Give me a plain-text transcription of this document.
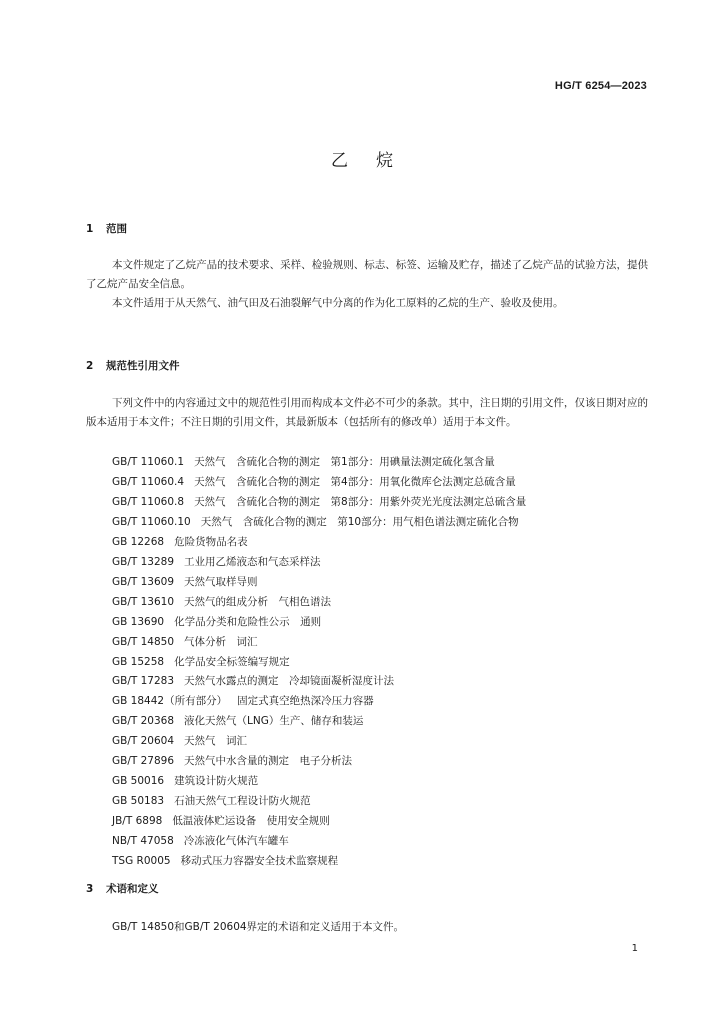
HG/T 6254—2023
乙烷
1 范围
本文件规定了乙烷产品的技术要求、采样、检验规则、标志、标签、运输及贮存，描述了乙烷产品的试验方法，提供了乙烷产品安全信息。
本文件适用于从天然气、油气田及石油裂解气中分离的作为化工原料的乙烷的生产、验收及使用。
2 规范性引用文件
下列文件中的内容通过文中的规范性引用而构成本文件必不可少的条款。其中，注日期的引用文件，仅该日期对应的版本适用于本文件；不注日期的引用文件，其最新版本（包括所有的修改单）适用于本文件。
GB/T 11060.1 天然气　含硫化合物的测定　第1部分：用碘量法测定硫化氢含量
GB/T 11060.4 天然气　含硫化合物的测定　第4部分：用氧化微库仑法测定总硫含量
GB/T 11060.8 天然气　含硫化合物的测定　第8部分：用紫外荧光光度法测定总硫含量
GB/T 11060.10 天然气　含硫化合物的测定　第10部分：用气相色谱法测定硫化合物
GB 12268 危险货物品名表
GB/T 13289 工业用乙烯液态和气态采样法
GB/T 13609 天然气取样导则
GB/T 13610 天然气的组成分析　气相色谱法
GB 13690 化学品分类和危险性公示　通则
GB/T 14850 气体分析　词汇
GB 15258 化学品安全标签编写规定
GB/T 17283 天然气水露点的测定　冷却镜面凝析湿度计法
GB 18442（所有部分） 固定式真空绝热深冷压力容器
GB/T 20368 液化天然气（LNG）生产、储存和装运
GB/T 20604 天然气　词汇
GB/T 27896 天然气中水含量的测定　电子分析法
GB 50016 建筑设计防火规范
GB 50183 石油天然气工程设计防火规范
JB/T 6898 低温液体贮运设备　使用安全规则
NB/T 47058 冷冻液化气体汽车罐车
TSG R0005 移动式压力容器安全技术监察规程
3 术语和定义
GB/T 14850和GB/T 20604界定的术语和定义适用于本文件。
1
